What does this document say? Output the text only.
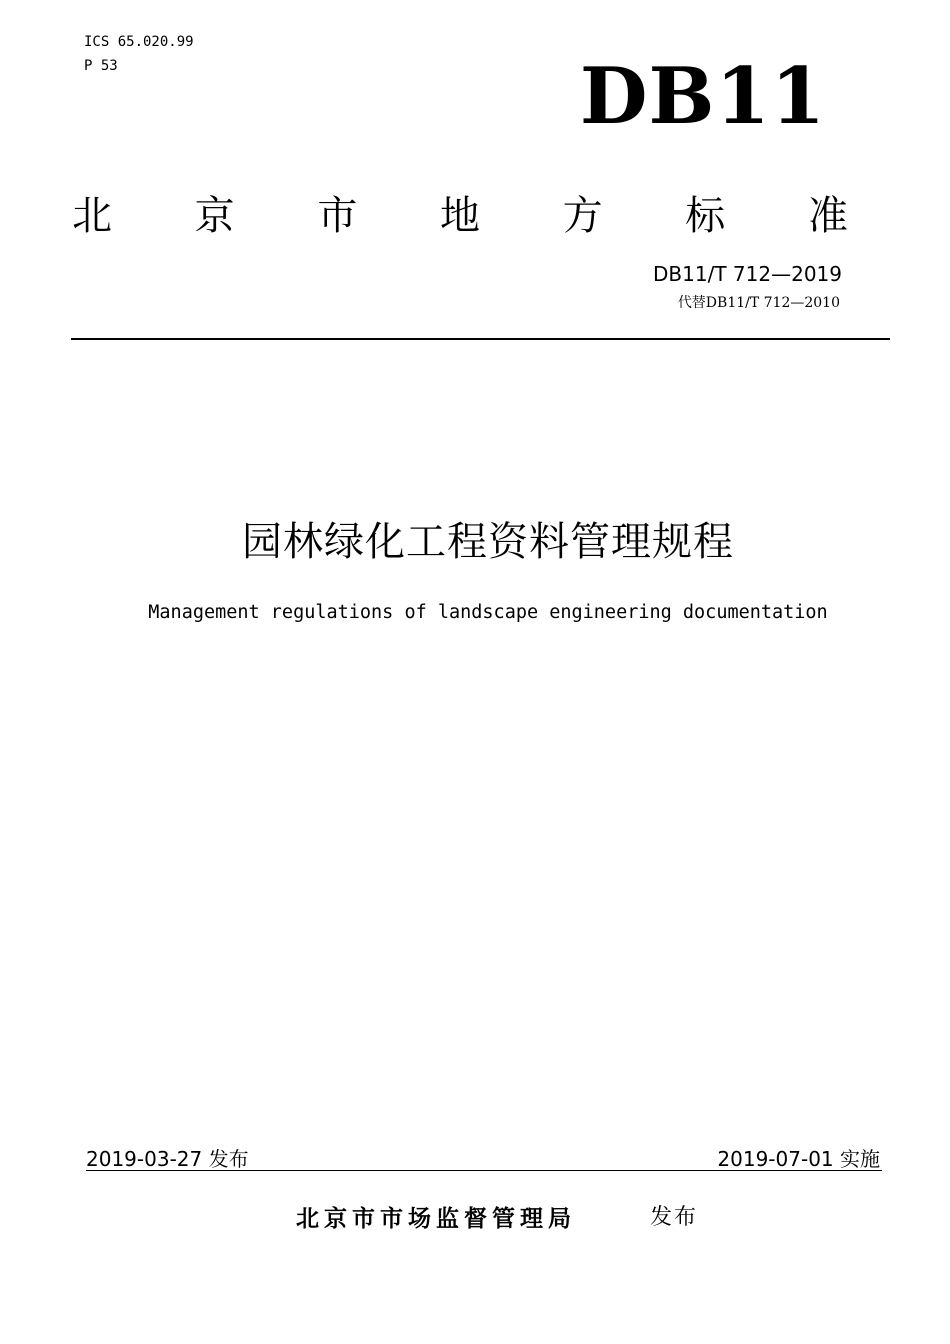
ICS 65.020.99
P 53	DB11
北 京 市 地 方 标 准
DB11/T 712—2019
代替DB11/T 712—2010
园林绿化工程资料管理规程
Management regulations of landscape engineering documentation
2019-03-27 发布	2019-07-01 实施
北京市市场监督管理局	发布
